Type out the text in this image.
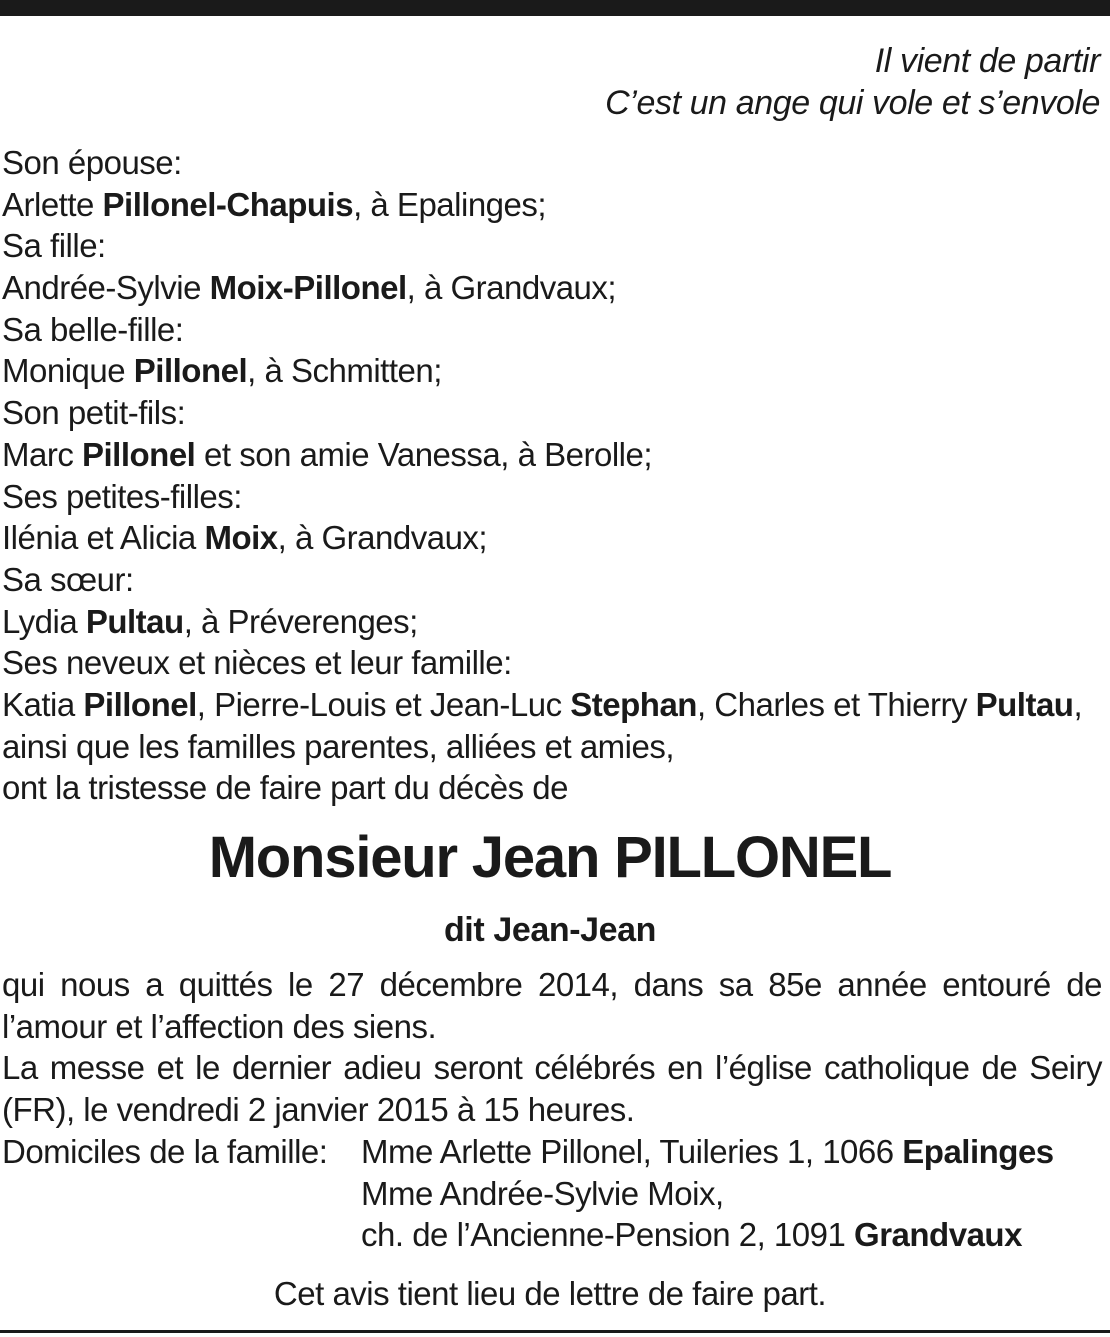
Il vient de partir
C’est un ange qui vole et s’envole
Son épouse:
Arlette Pillonel-Chapuis, à Epalinges;
Sa fille:
Andrée-Sylvie Moix-Pillonel, à Grandvaux;
Sa belle-fille:
Monique Pillonel, à Schmitten;
Son petit-fils:
Marc Pillonel et son amie Vanessa, à Berolle;
Ses petites-filles:
Ilénia et Alicia Moix, à Grandvaux;
Sa sœur:
Lydia Pultau, à Préverenges;
Ses neveux et nièces et leur famille:
Katia Pillonel, Pierre-Louis et Jean-Luc Stephan, Charles et Thierry Pultau,
ainsi que les familles parentes, alliées et amies,
ont la tristesse de faire part du décès de
Monsieur Jean PILLONEL
dit Jean-Jean
qui nous a quittés le 27 décembre 2014, dans sa 85e année entouré de
l’amour et l’affection des siens.
La messe et le dernier adieu seront célébrés en l’église catholique de Seiry
(FR), le vendredi 2 janvier 2015 à 15 heures.
Domiciles de la famille:	Mme Arlette Pillonel, Tuileries 1, 1066 Epalinges
Mme Andrée-Sylvie Moix,
ch. de l’Ancienne-Pension 2, 1091 Grandvaux
Cet avis tient lieu de lettre de faire part.
